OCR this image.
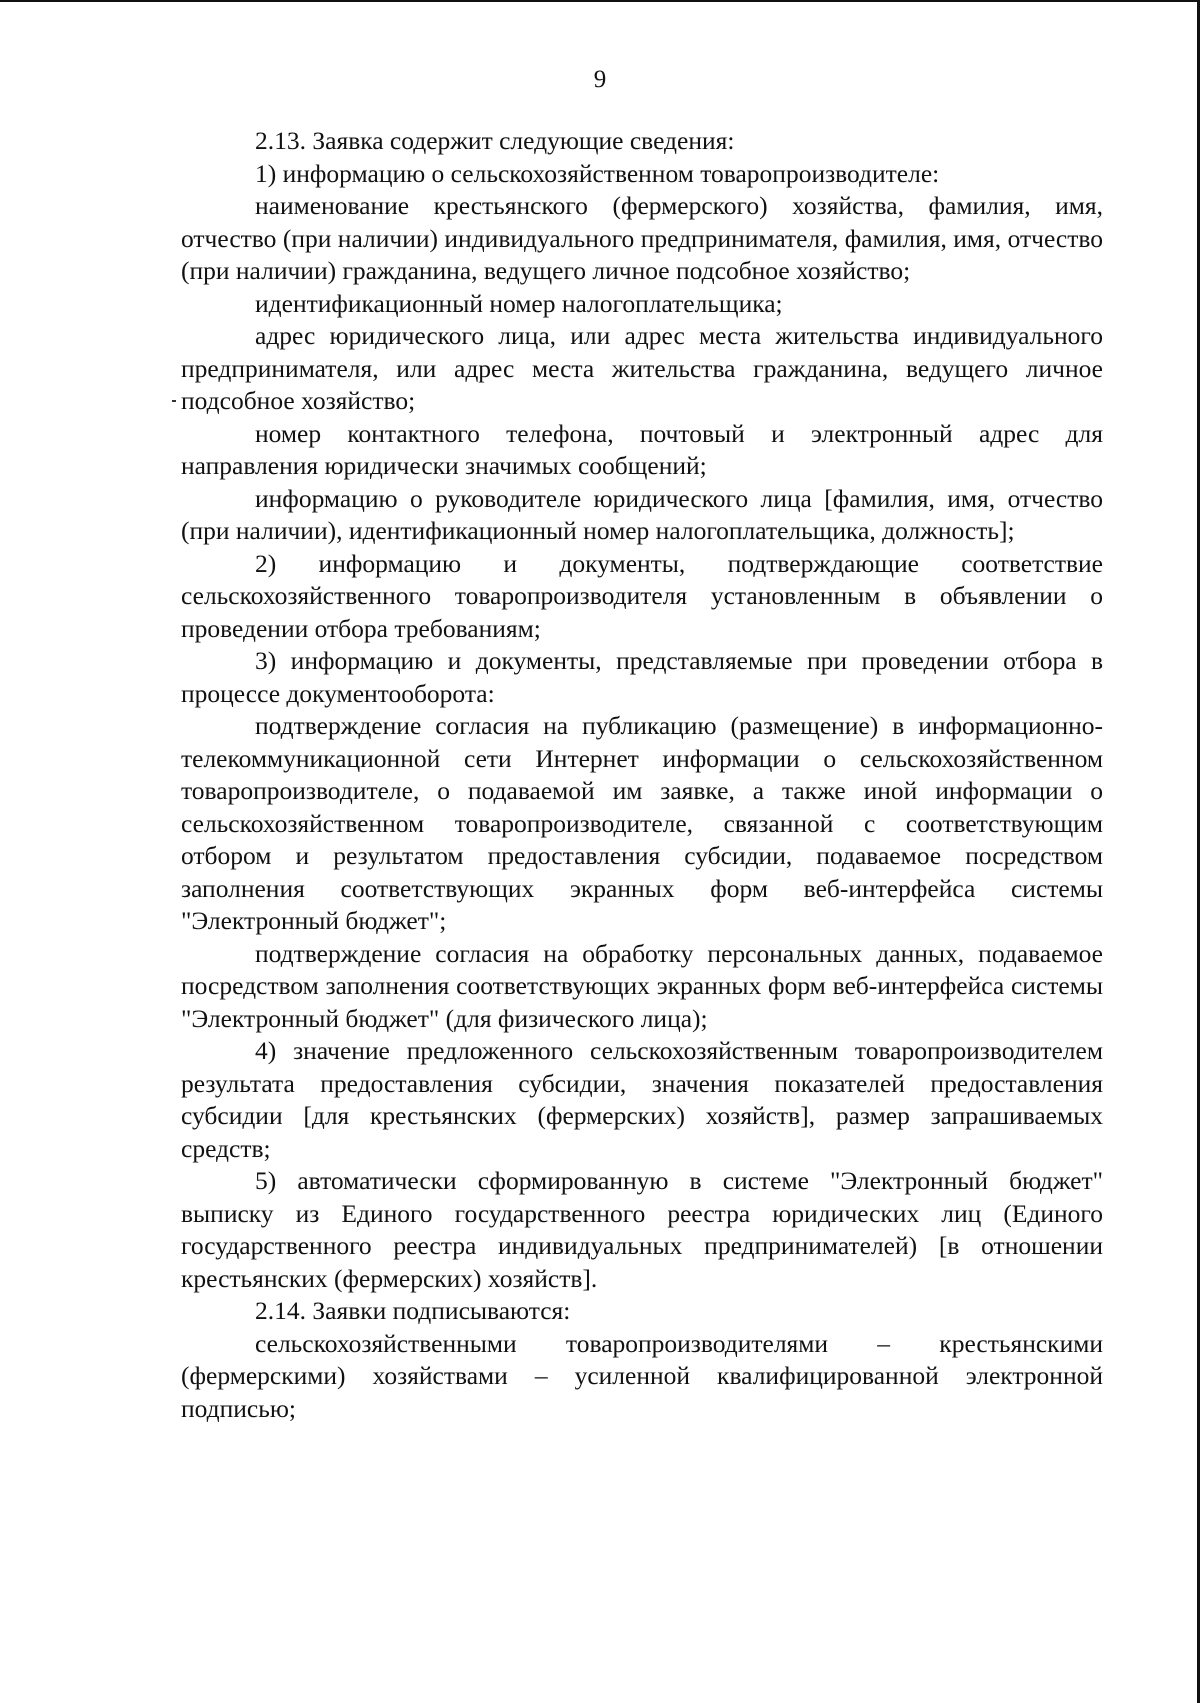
9

2.13. Заявка содержит следующие сведения:

1) информацию о сельскохозяйственном товаропроизводителе:

наименование крестьянского (фермерского) хозяйства, фамилия, имя, отчество (при наличии) индивидуального предпринимателя, фамилия, имя, отчество (при наличии) гражданина, ведущего личное подсобное хозяйство;

идентификационный номер налогоплательщика;

адрес юридического лица, или адрес места жительства индивидуального предпринимателя, или адрес места жительства гражданина, ведущего личное подсобное хозяйство;

номер контактного телефона, почтовый и электронный адрес для направления юридически значимых сообщений;

информацию о руководителе юридического лица [фамилия, имя, отчество (при наличии), идентификационный номер налогоплательщика, должность];

2) информацию и документы, подтверждающие соответствие сельскохозяйственного товаропроизводителя установленным в объявлении о проведении отбора требованиям;

3) информацию и документы, представляемые при проведении отбора в процессе документооборота:

подтверждение согласия на публикацию (размещение) в информационно-телекоммуникационной сети Интернет информации о сельскохозяйственном товаропроизводителе, о подаваемой им заявке, а также иной информации о сельскохозяйственном товаропроизводителе, связанной с соответствующим отбором и результатом предоставления субсидии, подаваемое посредством заполнения соответствующих экранных форм веб-интерфейса системы "Электронный бюджет";

подтверждение согласия на обработку персональных данных, подаваемое посредством заполнения соответствующих экранных форм веб-интерфейса системы "Электронный бюджет" (для физического лица);

4) значение предложенного сельскохозяйственным товаропроизводителем результата предоставления субсидии, значения показателей предоставления субсидии [для крестьянских (фермерских) хозяйств], размер запрашиваемых средств;

5) автоматически сформированную в системе "Электронный бюджет" выписку из Единого государственного реестра юридических лиц (Единого государственного реестра индивидуальных предпринимателей) [в отношении крестьянских (фермерских) хозяйств].

2.14. Заявки подписываются:

сельскохозяйственными товаропроизводителями – крестьянскими (фермерскими) хозяйствами – усиленной квалифицированной электронной подписью;
